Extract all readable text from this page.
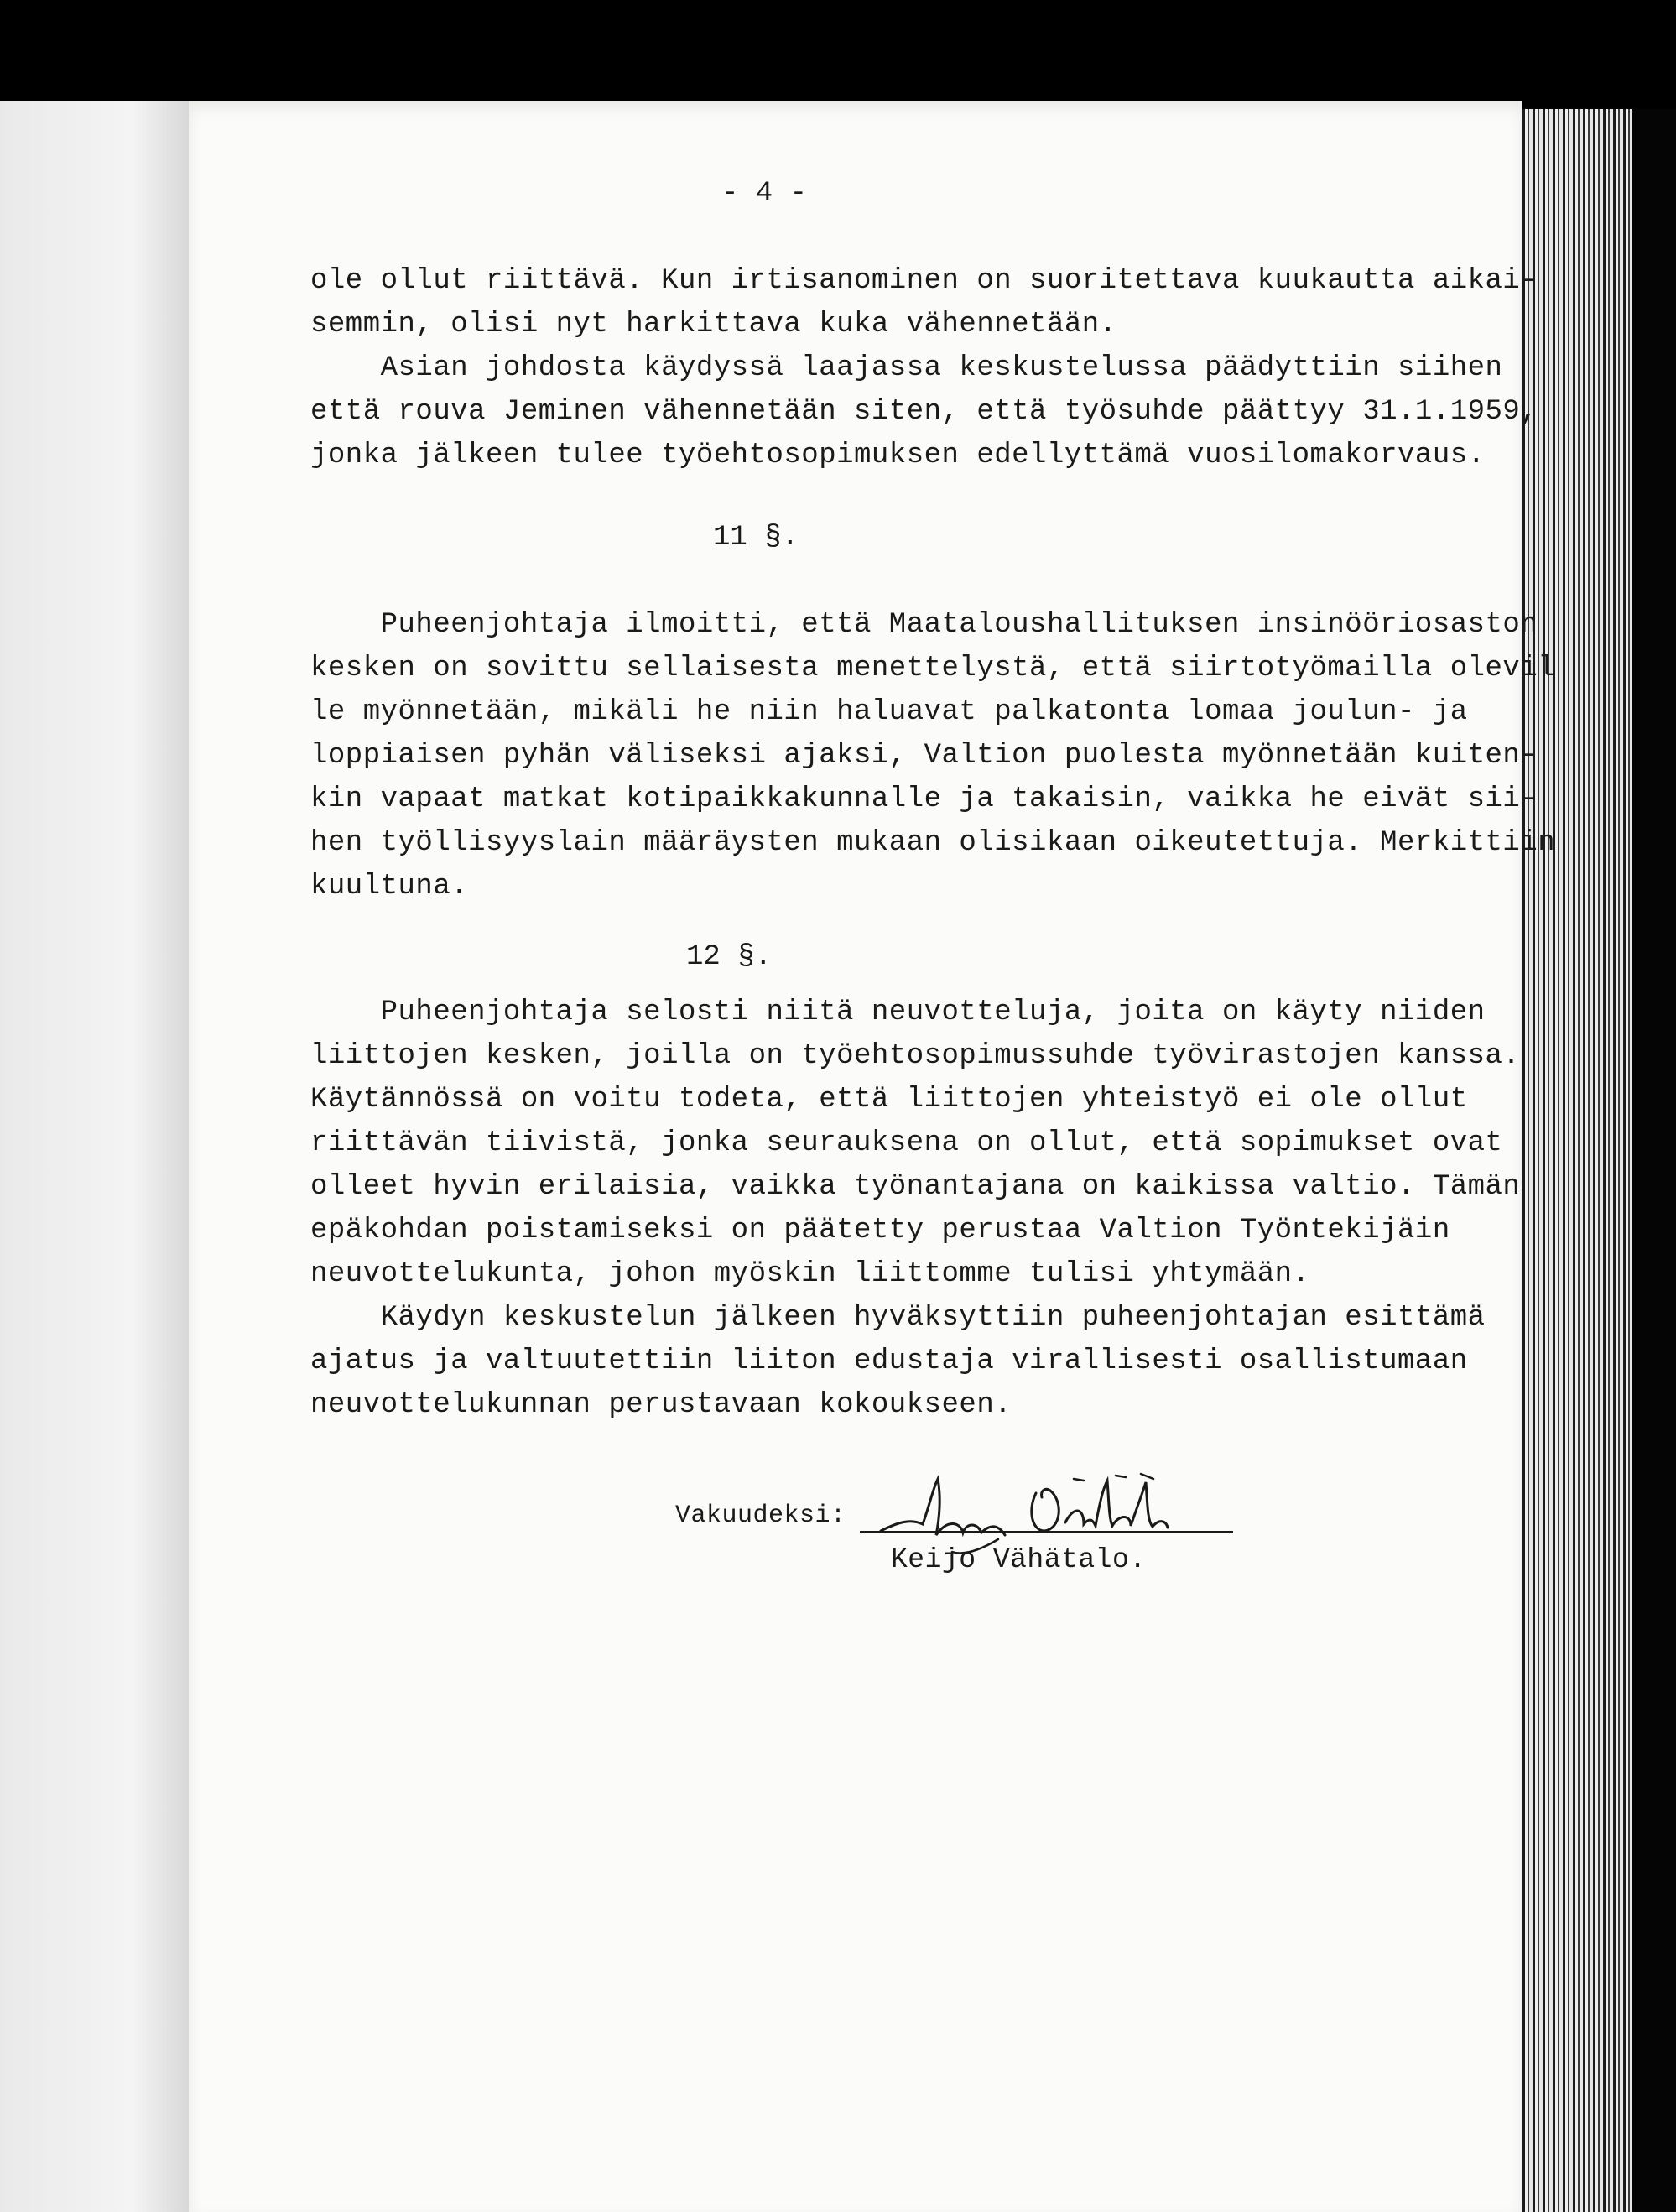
- 4 -
ole ollut riittävä. Kun irtisanominen on suoritettava kuukautta aikai-
semmin, olisi nyt harkittava kuka vähennetään.
Asian johdosta käydyssä laajassa keskustelussa päädyttiin siihen
että rouva Jeminen vähennetään siten, että työsuhde päättyy 31.1.1959,
jonka jälkeen tulee työehtosopimuksen edellyttämä vuosilomakorvaus.
11 §.
Puheenjohtaja ilmoitti, että Maataloushallituksen insinööriosaston
kesken on sovittu sellaisesta menettelystä, että siirtotyömailla olevil
le myönnetään, mikäli he niin haluavat palkatonta lomaa joulun- ja
loppiaisen pyhän väliseksi ajaksi, Valtion puolesta myönnetään kuiten-
kin vapaat matkat kotipaikkakunnalle ja takaisin, vaikka he eivät sii-
hen työllisyyslain määräysten mukaan olisikaan oikeutettuja. Merkittiin
kuultuna.
12 §.
Puheenjohtaja selosti niitä neuvotteluja, joita on käyty niiden
liittojen kesken, joilla on työehtosopimussuhde työvirastojen kanssa.
Käytännössä on voitu todeta, että liittojen yhteistyö ei ole ollut
riittävän tiivistä, jonka seurauksena on ollut, että sopimukset ovat
olleet hyvin erilaisia, vaikka työnantajana on kaikissa valtio. Tämän
epäkohdan poistamiseksi on päätetty perustaa Valtion Työntekijäin
neuvottelukunta, johon myöskin liittomme tulisi yhtymään.
Käydyn keskustelun jälkeen hyväksyttiin puheenjohtajan esittämä
ajatus ja valtuutettiin liiton edustaja virallisesti osallistumaan
neuvottelukunnan perustavaan kokoukseen.
Vakuudeksi:
Keijo Vähätalo.
